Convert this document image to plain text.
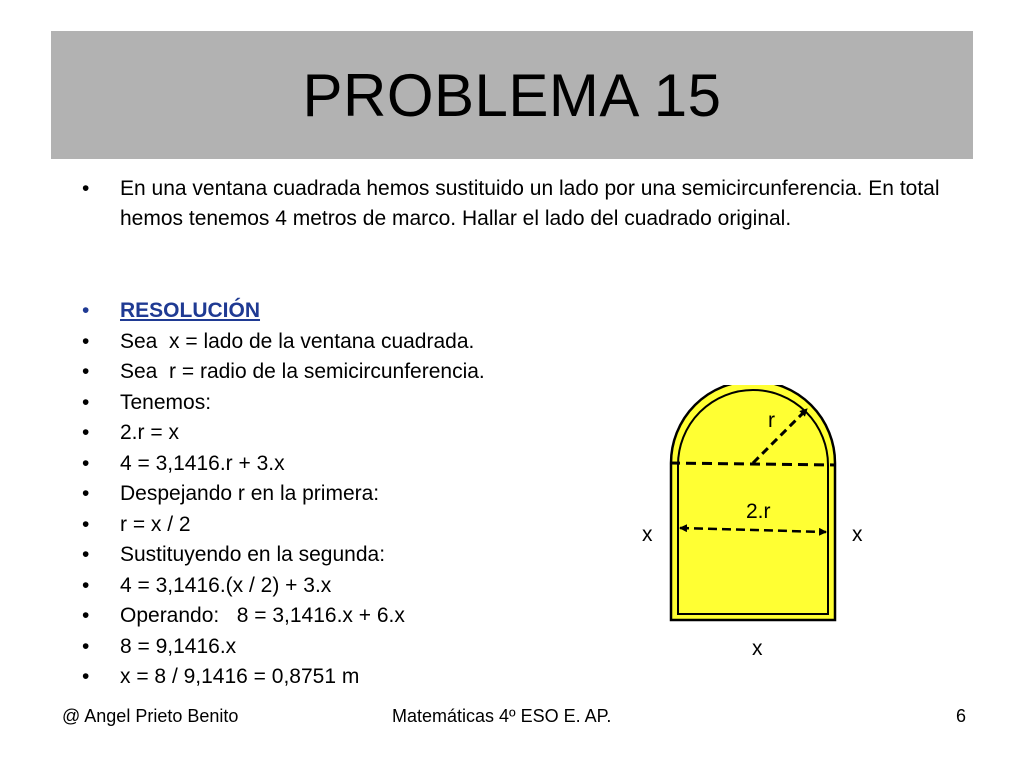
PROBLEMA 15
•	En una ventana cuadrada hemos sustituido un lado por una semicircunferencia. En total hemos tenemos 4 metros de marco. Hallar el lado del cuadrado original.
•	RESOLUCIÓN
•	Sea  x = lado de la ventana cuadrada.
•	Sea  r = radio de la semicircunferencia.
•	Tenemos:
•	2.r = x
•	4 = 3,1416.r + 3.x
•	Despejando r en la primera:
•	r = x / 2
•	Sustituyendo en la segunda:
•	4 = 3,1416.(x / 2) + 3.x
•	Operando:   8 = 3,1416.x + 6.x
•	8 = 9,1416.x
•	x = 8 / 9,1416 = 0,8751 m
r
2.r
x	x
x
@ Angel Prieto Benito	Matemáticas 4º ESO E. AP.	6
